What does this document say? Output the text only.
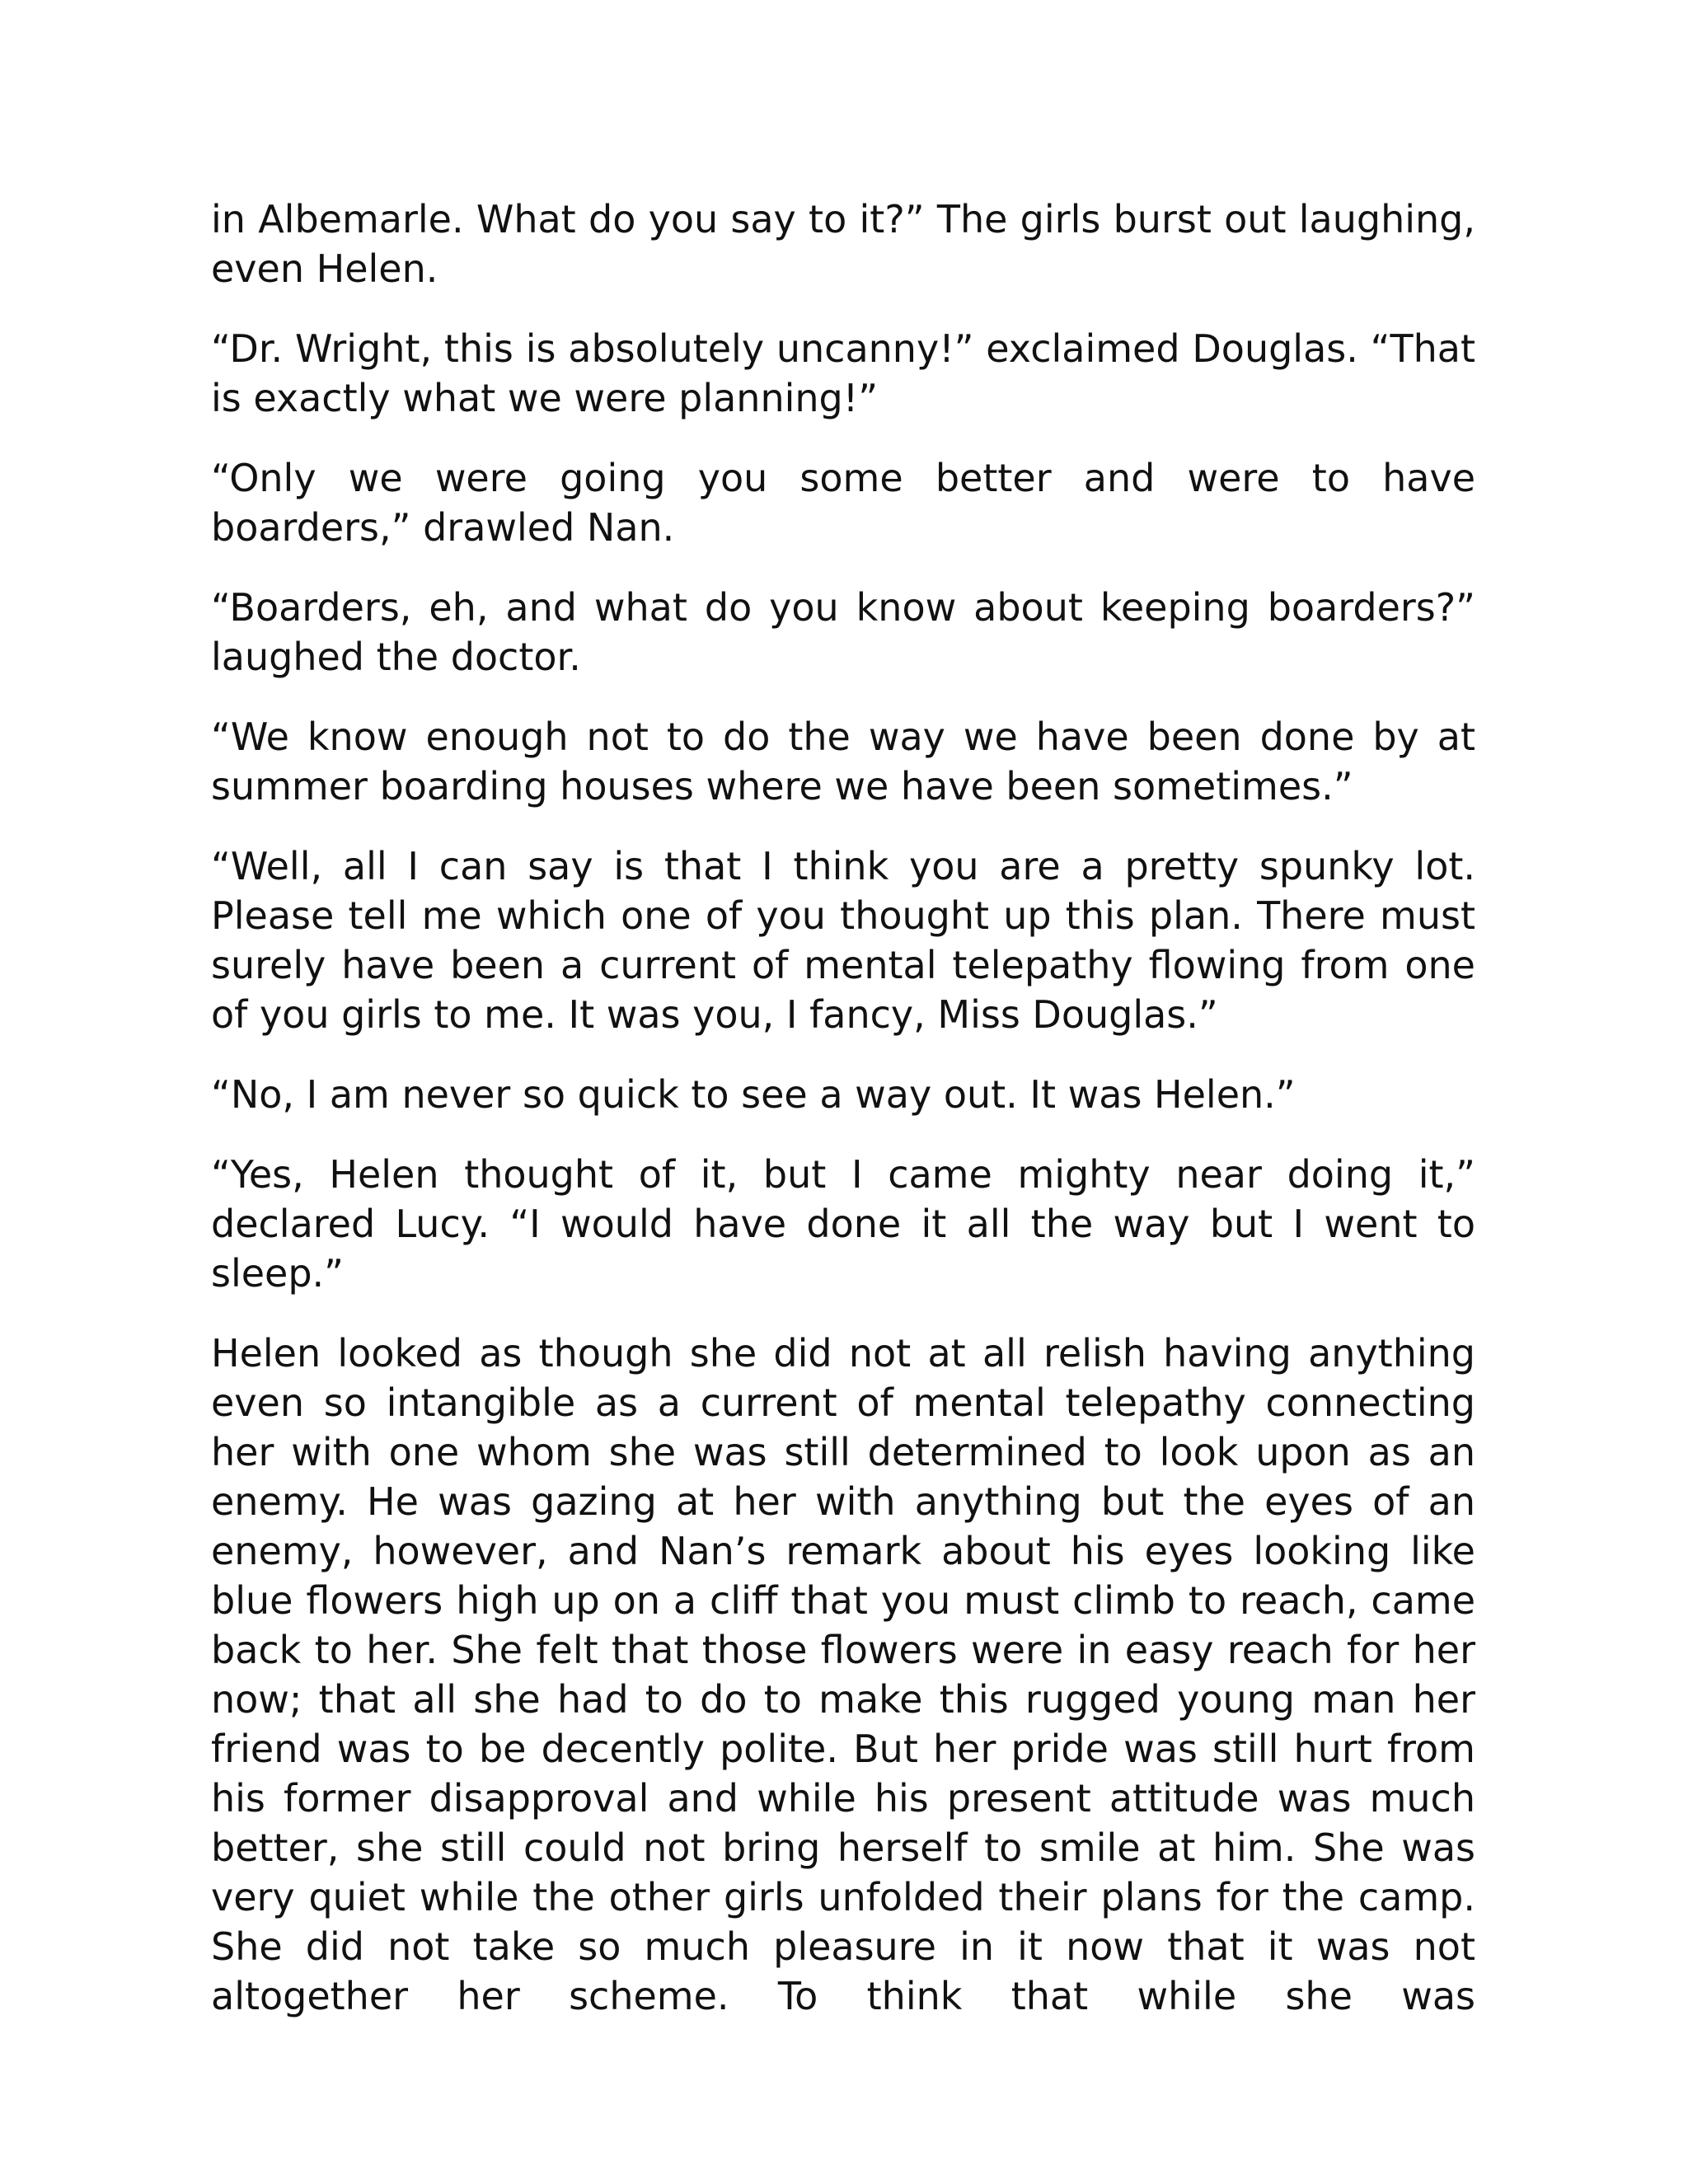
in Albemarle. What do you say to it?” The girls burst out laughing, even Helen.

“Dr. Wright, this is absolutely uncanny!” exclaimed Douglas. “That is exactly what we were planning!”

“Only we were going you some better and were to have boarders,” drawled Nan.

“Boarders, eh, and what do you know about keeping boarders?” laughed the doctor.

“We know enough not to do the way we have been done by at summer boarding houses where we have been sometimes.”

“Well, all I can say is that I think you are a pretty spunky lot. Please tell me which one of you thought up this plan. There must surely have been a current of mental telepathy flowing from one of you girls to me. It was you, I fancy, Miss Douglas.”

“No, I am never so quick to see a way out. It was Helen.”

“Yes, Helen thought of it, but I came mighty near doing it,” declared Lucy. “I would have done it all the way but I went to sleep.”

Helen looked as though she did not at all relish having anything even so intangible as a current of mental telepathy connecting her with one whom she was still determined to look upon as an enemy. He was gazing at her with anything but the eyes of an enemy, however, and Nan’s remark about his eyes looking like blue flowers high up on a cliff that you must climb to reach, came back to her. She felt that those flowers were in easy reach for her now; that all she had to do to make this rugged young man her friend was to be decently polite. But her pride was still hurt from his former disapproval and while his present attitude was much better, she still could not bring herself to smile at him. She was very quiet while the other girls unfolded their plans for the camp. She did not take so much pleasure in it now that it was not altogether her scheme. To think that while she was
